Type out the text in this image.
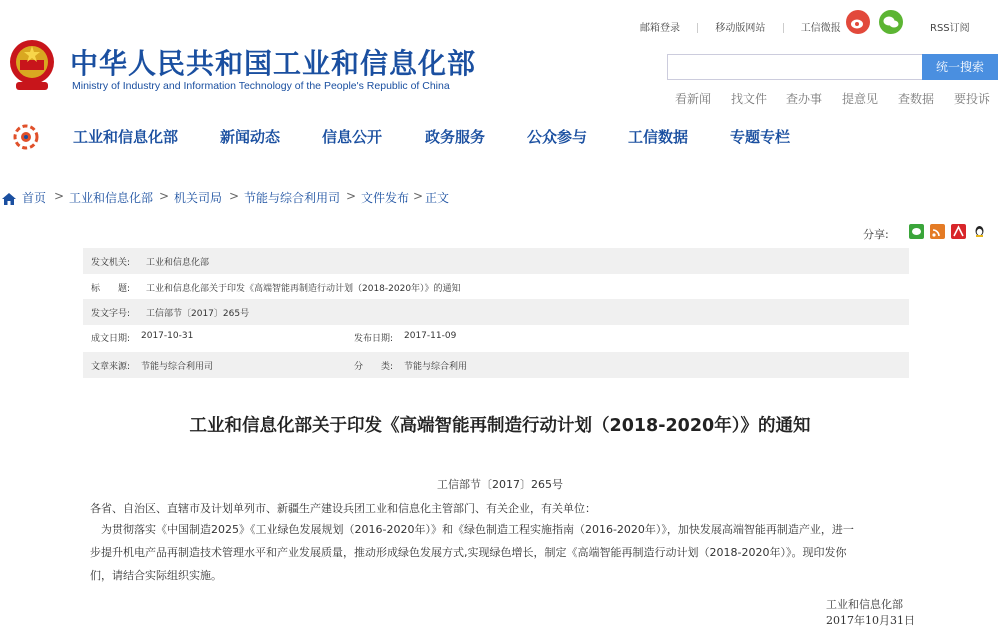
中华人民共和国工业和信息化部
Ministry of Industry and Information Technology of the People's Republic of China
邮箱登录	移动版网站	工信微报	RSS订阅
统一搜索
看新闻 找文件 查办事 提意见 查数据 要投诉
工业和信息化部	新闻动态	信息公开	政务服务	公众参与	工信数据	专题专栏
首页 > 工业和信息化部 > 机关司局 > 节能与综合利用司 > 文件发布 > 正文
分享:
发文机关: 工业和信息化部
标　　题: 工业和信息化部关于印发《高端智能再制造行动计划（2018-2020年）》的通知
发文字号: 工信部节〔2017〕265号
成文日期: 2017-10-31	发布日期: 2017-11-09
文章来源: 节能与综合利用司	分　　类: 节能与综合利用
工业和信息化部关于印发《高端智能再制造行动计划（2018-2020年）》的通知
工信部节〔2017〕265号
各省、自治区、直辖市及计划单列市、新疆生产建设兵团工业和信息化主管部门、有关企业，有关单位：
　为贯彻落实《中国制造2025》《工业绿色发展规划（2016-2020年）》和《绿色制造工程实施指南（2016-2020年）》，加快发展高端智能再制造产业，进一
步提升机电产品再制造技术管理水平和产业发展质量，推动形成绿色发展方式,实现绿色增长，制定《高端智能再制造行动计划（2018-2020年）》。现印发你
们，请结合实际组织实施。
工业和信息化部
2017年10月31日
